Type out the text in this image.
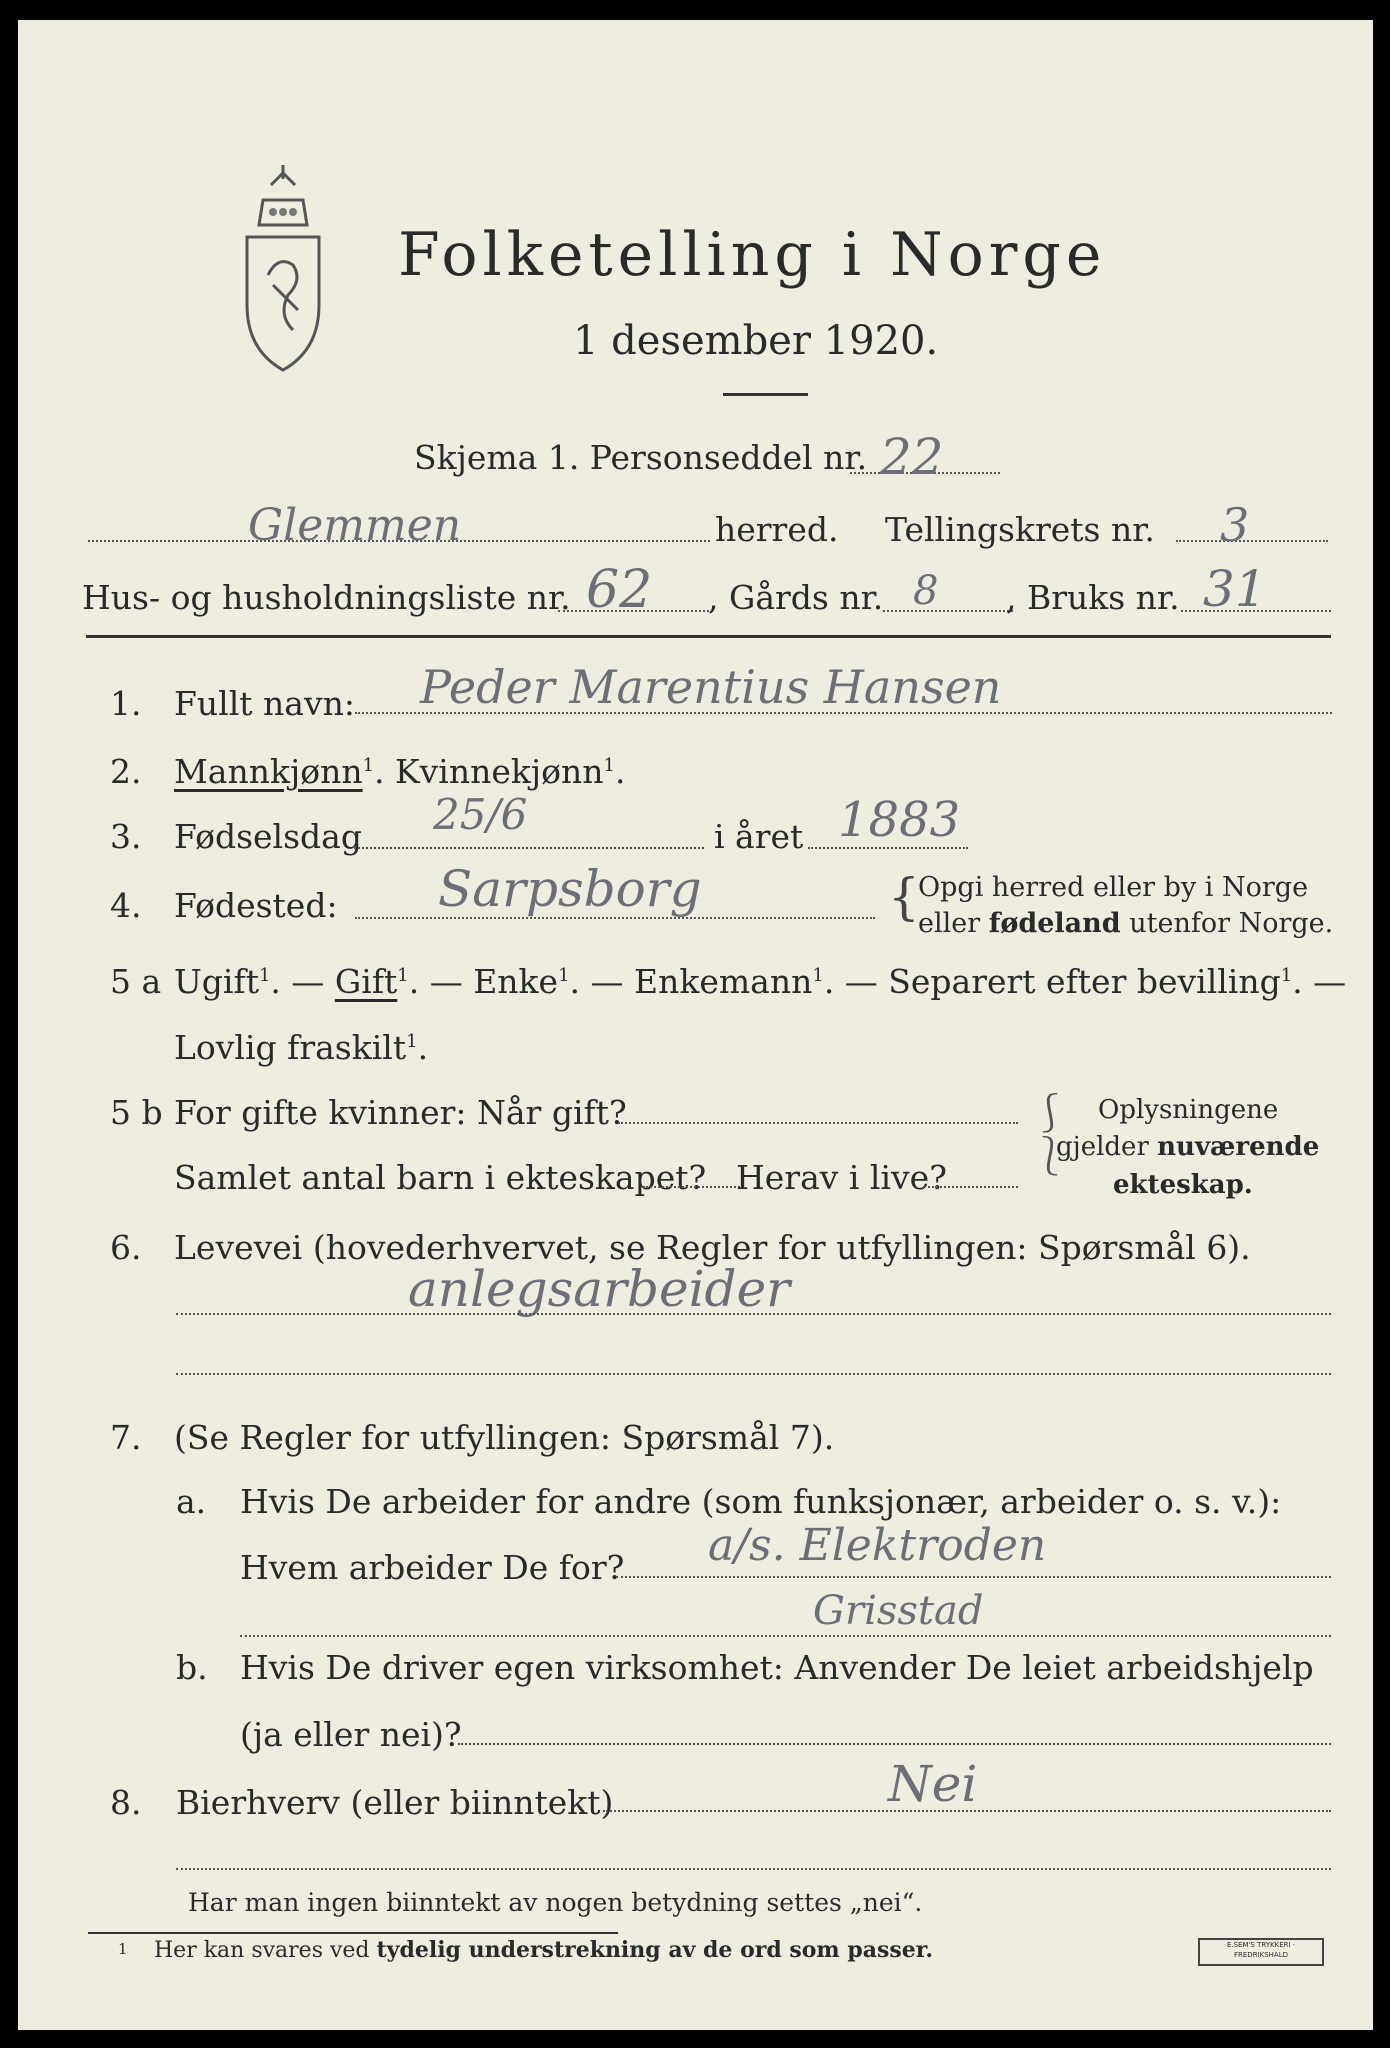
Folketelling i Norge
1 desember 1920.
Skjema 1. Personseddel nr. 22
Glemmen	herred. Tellingskrets nr. 3
Hus- og husholdningsliste nr. 62 , Gårds nr. 8 , Bruks nr. 31
1. Fullt navn: Peder Marentius Hansen
2. Mannkjønn$^1$. Kvinnekjønn$^1$.
3. Fødselsdag 25/6	i året 1883
4. Fødested: Sarpsborg	{
Opgi herred eller by i Norge
eller fødeland utenfor Norge.
5 a Ugift$^1$. — Gift$^1$. — Enke$^1$. — Enkemann$^1$. — Separert efter bevilling$^1$. —
Lovlig fraskilt$^1$.
5 b For gifte kvinner: Når gift?
Samlet antal barn i ekteskapet? Herav i live?
⎰
⎱
Oplysningene
gjelder nuværende
ekteskap.
6. Levevei (hovederhvervet, se Regler for utfyllingen: Spørsmål 6).
anlegsarbeider
7. (Se Regler for utfyllingen: Spørsmål 7).
a. Hvis De arbeider for andre (som funksjonær, arbeider o. s. v.):
Hvem arbeider De for? a/s. Elektroden
Grisstad
b. Hvis De driver egen virksomhet: Anvender De leiet arbeidshjelp
(ja eller nei)?
8. Bierhverv (eller biinntekt)	Nei
Har man ingen biinntekt av nogen betydning settes „nei“.
1 Her kan svares ved tydelig understrekning av de ord som passer.	E.SEM'S TRYKKERI · FREDRIKSHALD
